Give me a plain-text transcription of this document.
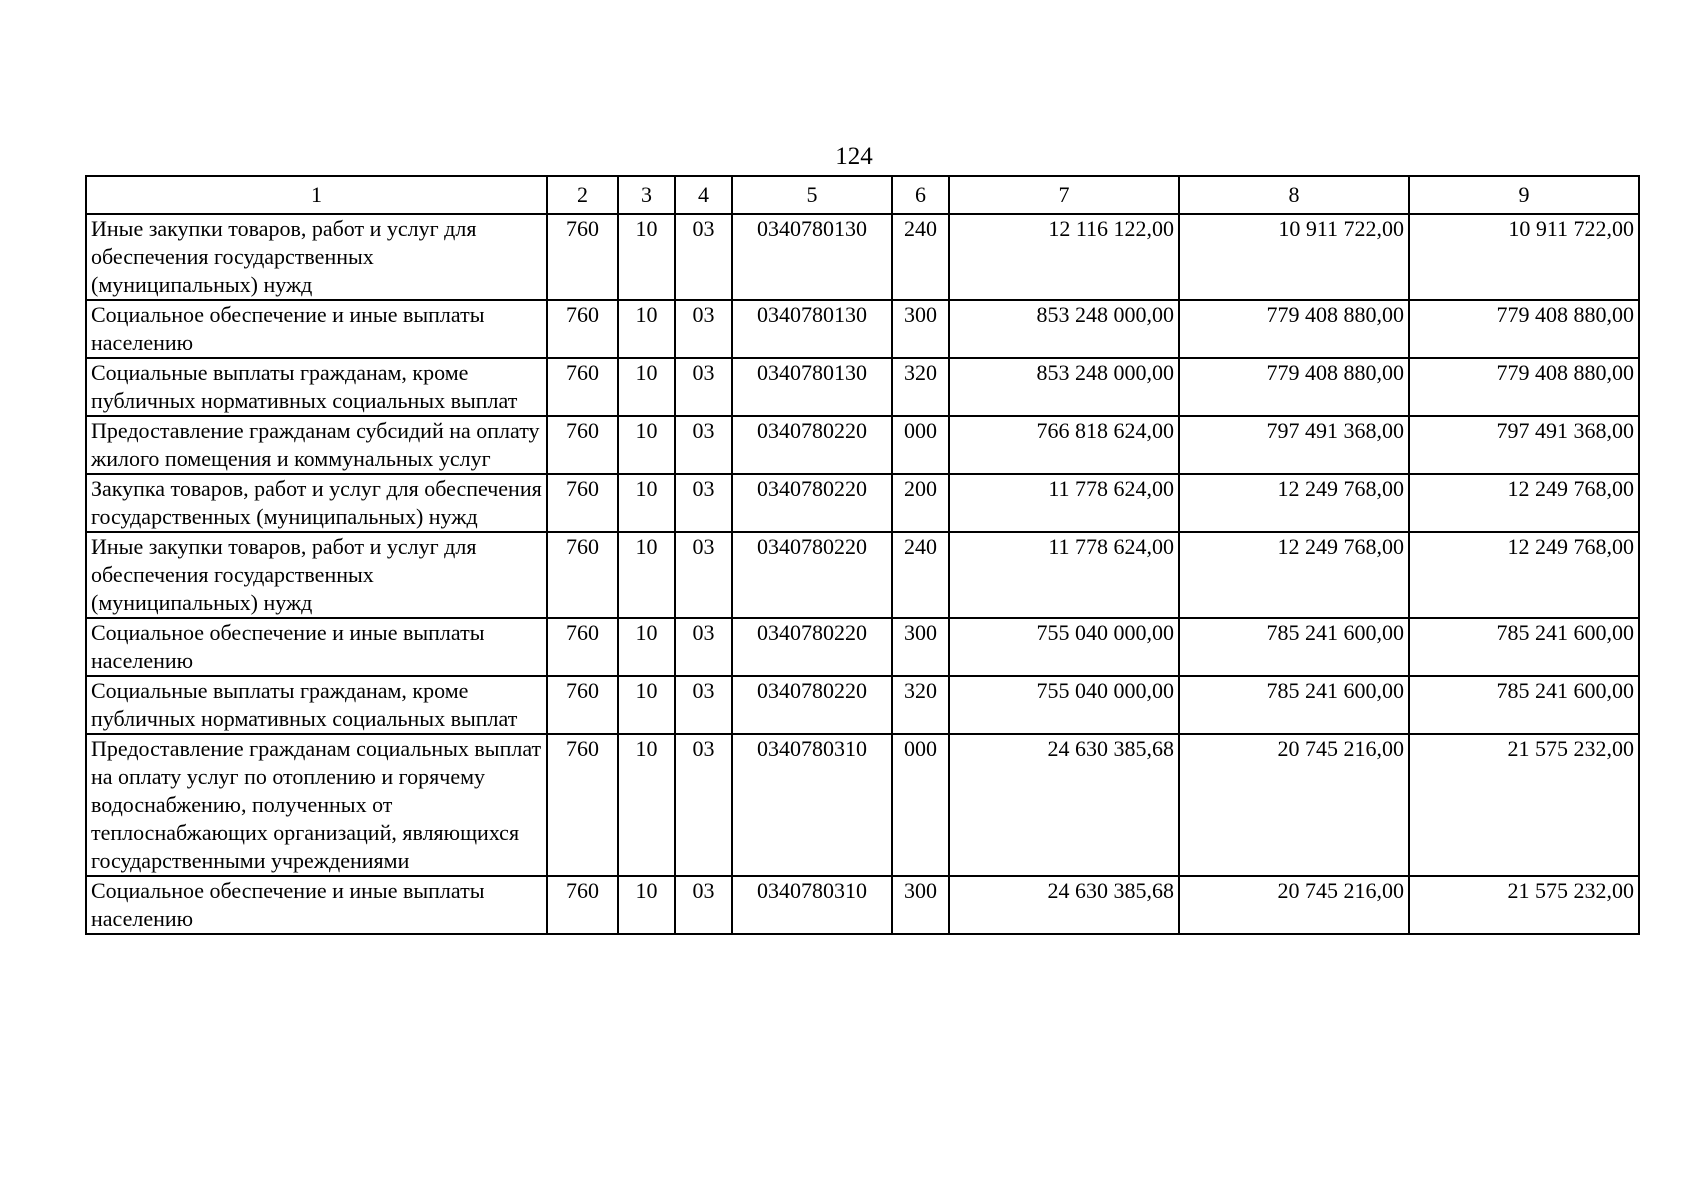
124
1	2	3	4	5	6	7	8	9
Иные закупки товаров, работ и услуг для обеспечения государственных (муниципальных) нужд	760	10	03	0340780130	240	12 116 122,00	10 911 722,00	10 911 722,00
Социальное обеспечение и иные выплаты населению	760	10	03	0340780130	300	853 248 000,00	779 408 880,00	779 408 880,00
Социальные выплаты гражданам, кроме публичных нормативных социальных выплат	760	10	03	0340780130	320	853 248 000,00	779 408 880,00	779 408 880,00
Предоставление гражданам субсидий на оплату жилого помещения и коммунальных услуг	760	10	03	0340780220	000	766 818 624,00	797 491 368,00	797 491 368,00
Закупка товаров, работ и услуг для обеспечения государственных (муниципальных) нужд	760	10	03	0340780220	200	11 778 624,00	12 249 768,00	12 249 768,00
Иные закупки товаров, работ и услуг для обеспечения государственных (муниципальных) нужд	760	10	03	0340780220	240	11 778 624,00	12 249 768,00	12 249 768,00
Социальное обеспечение и иные выплаты населению	760	10	03	0340780220	300	755 040 000,00	785 241 600,00	785 241 600,00
Социальные выплаты гражданам, кроме публичных нормативных социальных выплат	760	10	03	0340780220	320	755 040 000,00	785 241 600,00	785 241 600,00
Предоставление гражданам социальных выплат на оплату услуг по отоплению и горячему водоснабжению, полученных от теплоснабжающих организаций, являющихся государственными учреждениями	760	10	03	0340780310	000	24 630 385,68	20 745 216,00	21 575 232,00
Социальное обеспечение и иные выплаты населению	760	10	03	0340780310	300	24 630 385,68	20 745 216,00	21 575 232,00
